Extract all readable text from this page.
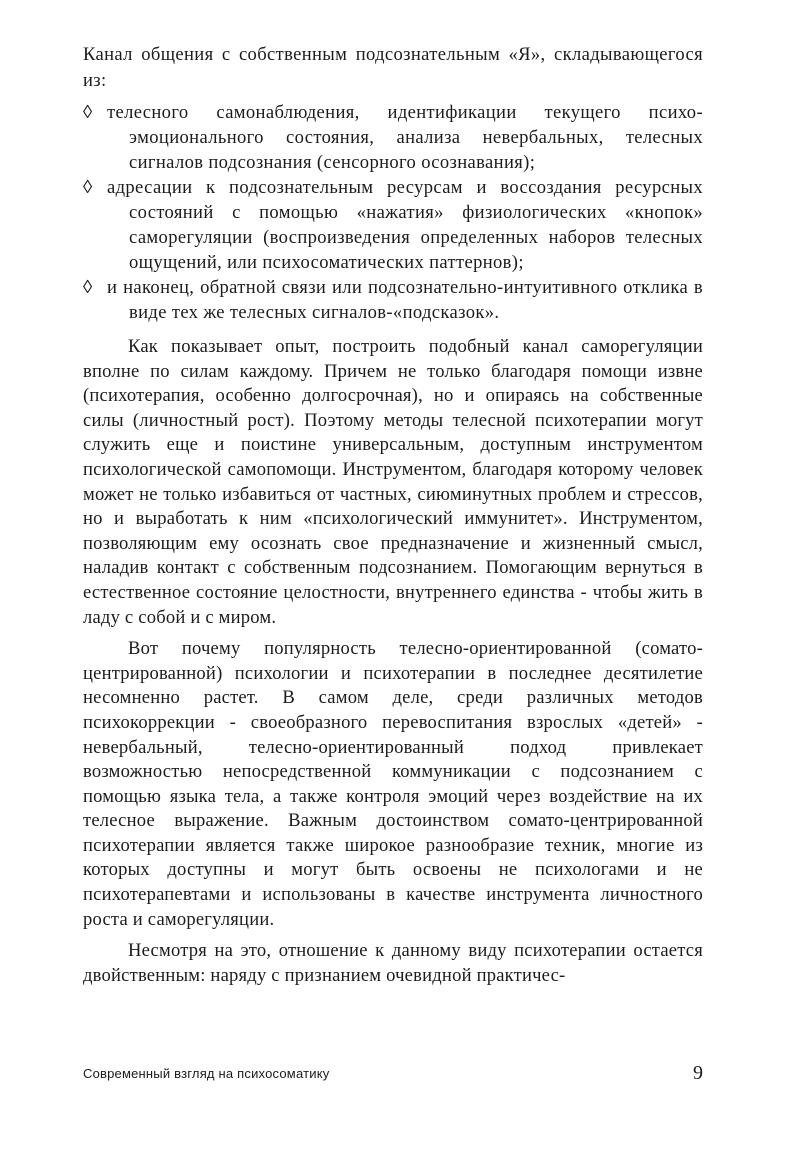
Канал общения с собственным подсознательным «Я», складывающегося из:

◊ телесного самонаблюдения, идентификации текущего психо-эмоционального состояния, анализа невербальных, телесных сигналов подсознания (сенсорного осознавания);
◊ адресации к подсознательным ресурсам и воссоздания ресурсных состояний с помощью «нажатия» физиологических «кнопок» саморегуляции (воспроизведения определенных наборов телесных ощущений, или психосоматических паттернов);
◊ и наконец, обратной связи или подсознательно-интуитивного отклика в виде тех же телесных сигналов-«подсказок».

Как показывает опыт, построить подобный канал саморегуляции вполне по силам каждому. Причем не только благодаря помощи извне (психотерапия, особенно долгосрочная), но и опираясь на собственные силы (личностный рост). Поэтому методы телесной психотерапии могут служить еще и поистине универсальным, доступным инструментом психологической самопомощи. Инструментом, благодаря которому человек может не только избавиться от частных, сиюминутных проблем и стрессов, но и выработать к ним «психологический иммунитет». Инструментом, позволяющим ему осознать свое предназначение и жизненный смысл, наладив контакт с собственным подсознанием. Помогающим вернуться в естественное состояние целостности, внутреннего единства - чтобы жить в ладу с собой и с миром.

Вот почему популярность телесно-ориентированной (сомато-центрированной) психологии и психотерапии в последнее десятилетие несомненно растет. В самом деле, среди различных методов психокоррекции - своеобразного перевоспитания взрослых «детей» - невербальный, телесно-ориентированный подход привлекает возможностью непосредственной коммуникации с подсознанием с помощью языка тела, а также контроля эмоций через воздействие на их телесное выражение. Важным достоинством сомато-центрированной психотерапии является также широкое разнообразие техник, многие из которых доступны и могут быть освоены не психологами и не психотерапевтами и использованы в качестве инструмента личностного роста и саморегуляции.

Несмотря на это, отношение к данному виду психотерапии остается двойственным: наряду с признанием очевидной практичес-

Современный взгляд на психосоматику	9
